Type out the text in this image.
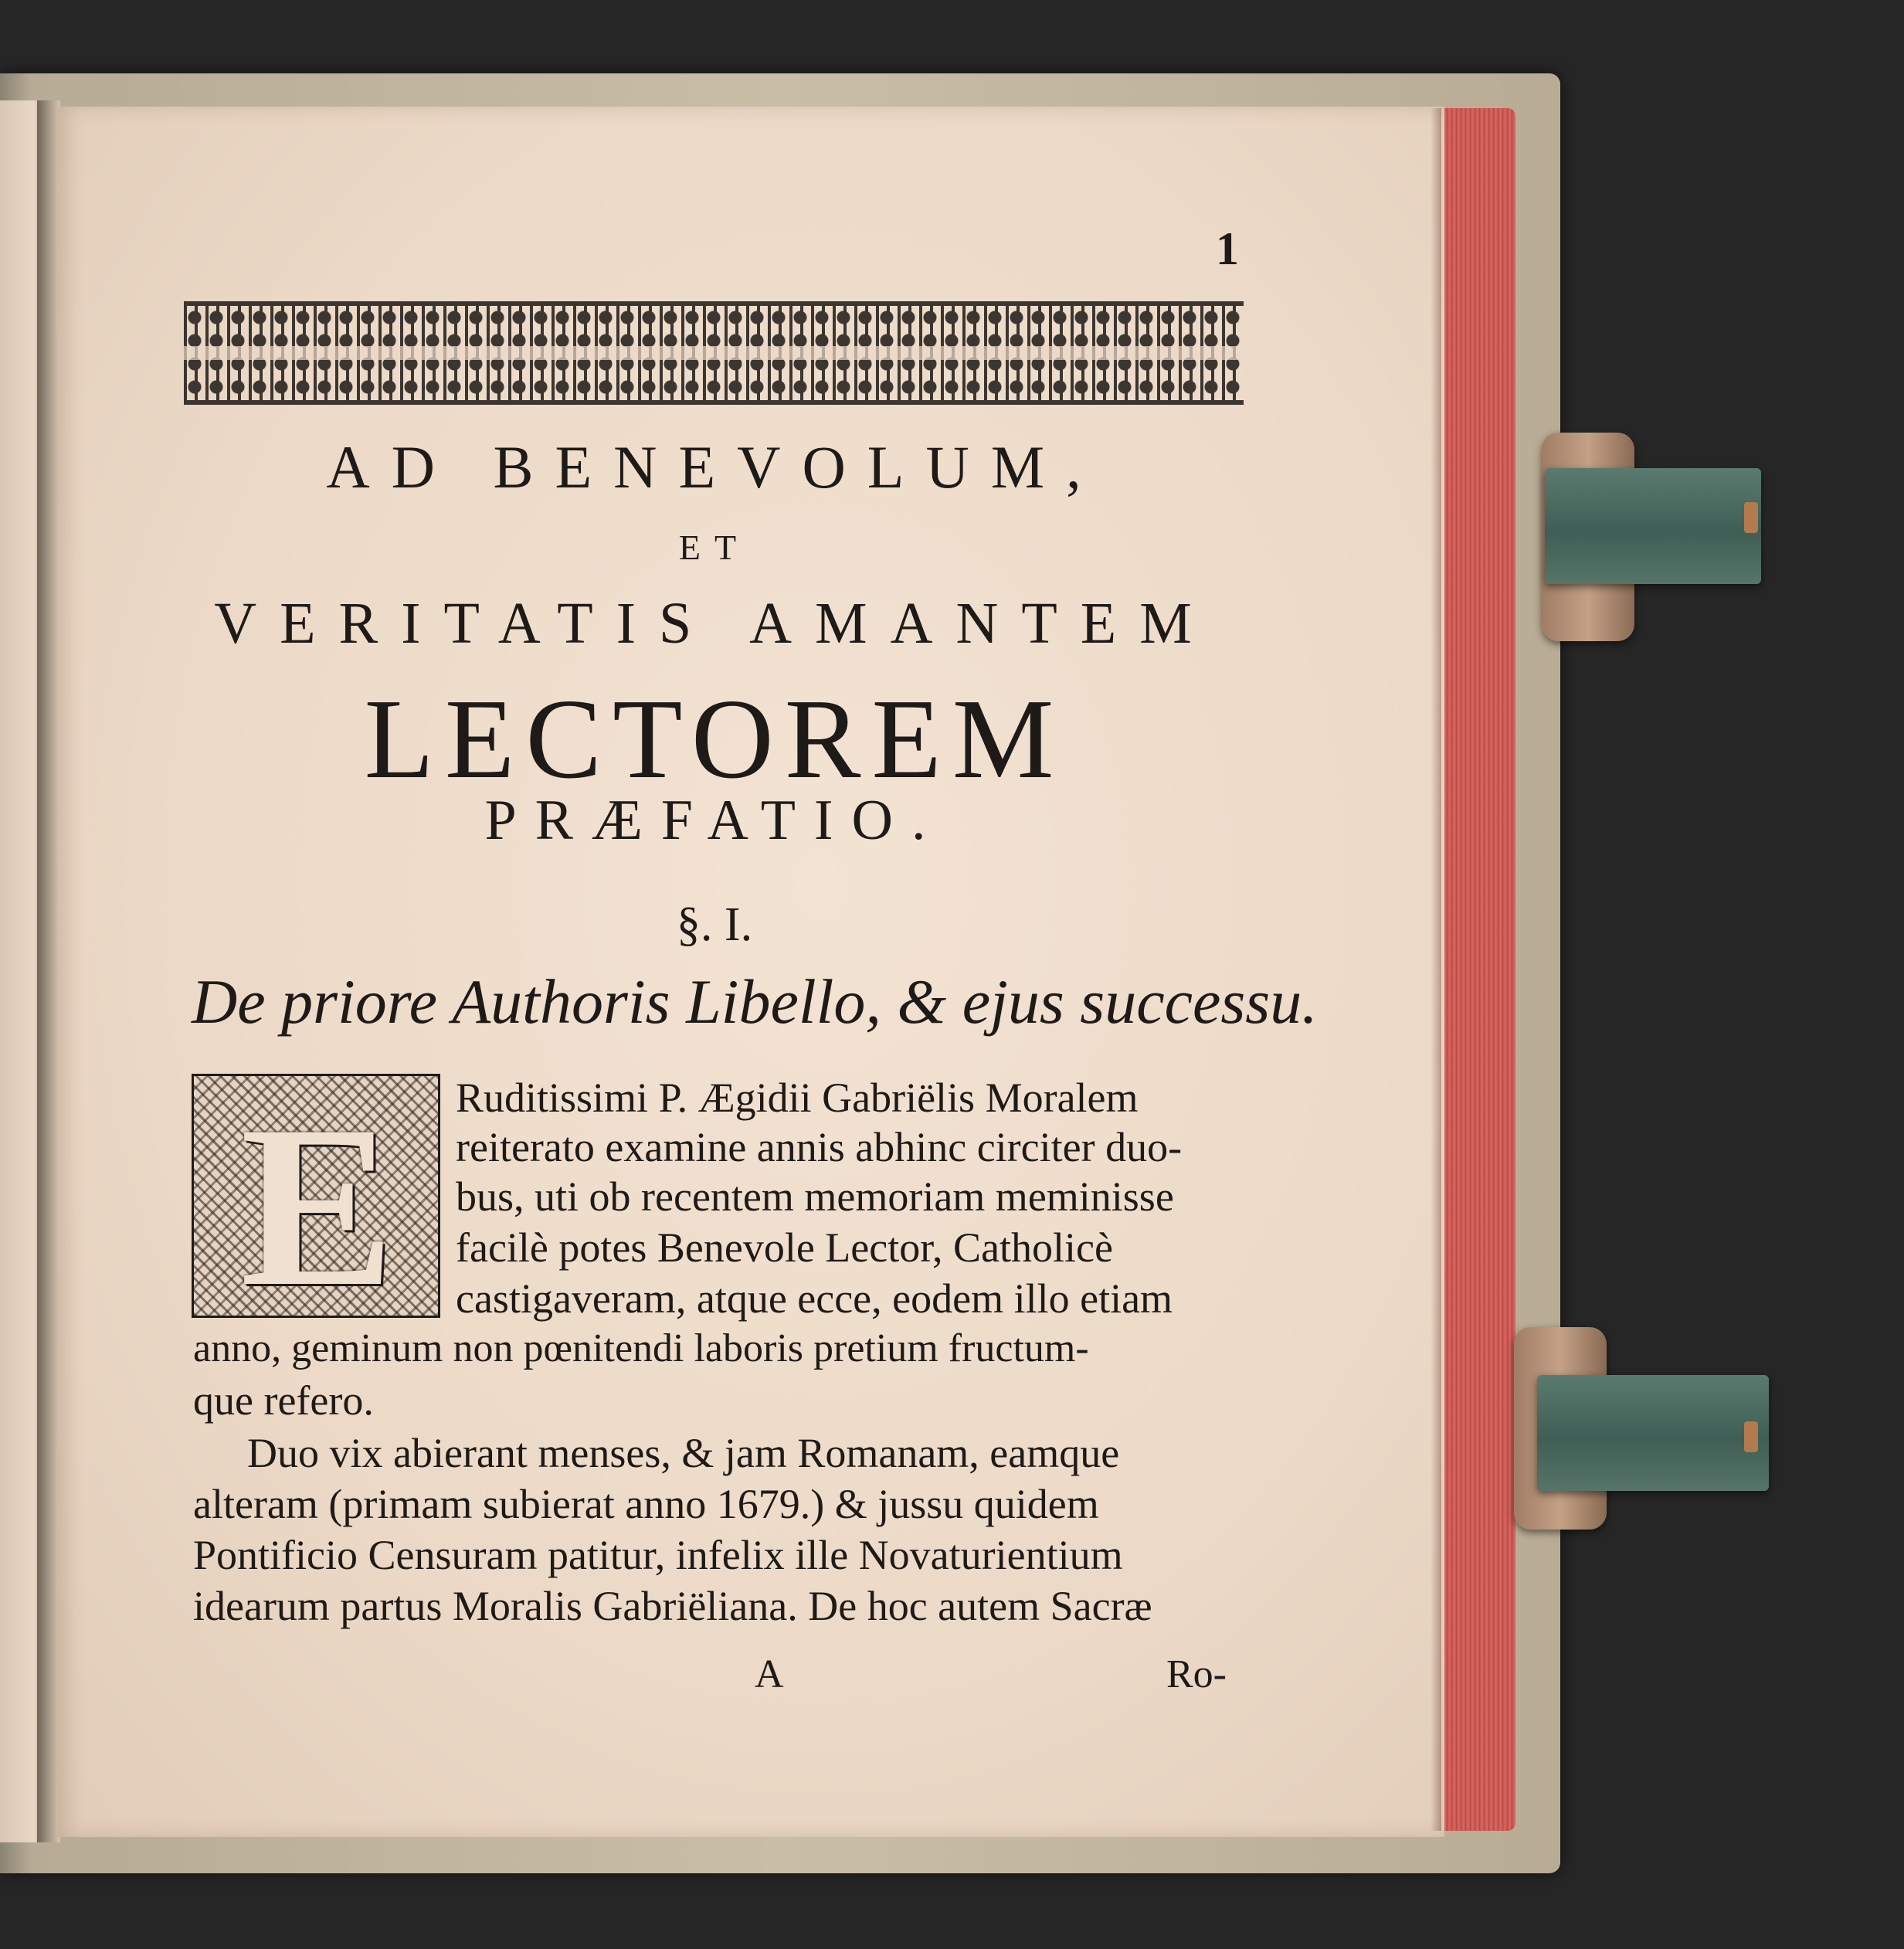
1
AD BENEVOLUM,
ET
VERITATIS AMANTEM
LECTOREM
PRÆFATIO.
§. I.
De priore Authoris Libello, & ejus successu.
E Ruditissimi P. Ægidii Gabriëlis Moralem
reiterato examine annis abhinc circiter duo-
bus, uti ob recentem memoriam meminisse
facilè potes Benevole Lector, Catholicè
castigaveram, atque ecce, eodem illo etiam
anno, geminum non pœnitendi laboris pretium fructum-
que refero.
Duo vix abierant menses, & jam Romanam, eamque
alteram (primam subierat anno 1679.) & jussu quidem
Pontificio Censuram patitur, infelix ille Novaturientium
idearum partus Moralis Gabriëliana. De hoc autem Sacræ
A	Ro-
